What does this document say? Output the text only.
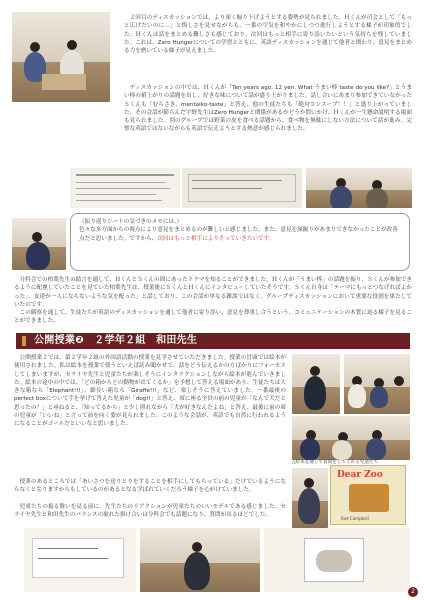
２回目のディスカッションでは、より深く掘り下げようとする姿勢が見られました。Ｈくんが司会として「もっと広げたいのに…」と悔しさを見せながらも、一番の空気を和やかにしつつ進行しようとする様子が印象的でした。Ｈくんは話をまとめる難しさも感じており、次回はもっと相手に寄り添いたいという気持ちを残していました。これは、Zero Hungerについての学習とともに、英語ディスカッションを通じて他者と関わり、意見をまとめる力を磨いている様子が見えました。

ディスカッションの中では、Ｈくんが「Ten years ago, 12 yen. What うまい棒 taste do you like?」とうまい棒の値上がりの話題を出し、好きな味について話が盛り上がりました。話し合いにあまり参加できていなかったＳくんも「むらさき、mentaiko-taste」と答え、他の生徒たちも「絶対コンスープ！！」と盛り上がっていました。その会話が膨らんだ宇野先生はZero Hungerと関係があるかどうか問いかけ、Ｈくんが一生懸命説明する場面も見られました。別のグループでは野菜の皮を食べる話題から、食べ物を無駄にしない方法について話が進み、完璧な英語ではないながらも英語で伝えようとする熱意が感じられました。

（振り返りシートの気づきのメモには、）
色々な多方面からの視点により意見をまとめるのが難しいと感じました。また、意見を深掘りがあまりできなかったことが改善点だと思いました。ですから、次回はもっと相手によりそっていきたいです。

分科会での柏葉先生の助言を通して、ＨくんとＳくんの間にあったドラマを知ることができました。Ｈくんが「うまい棒」の話題を振り、Ｓくんが参加できるように配慮していたことを見ていた柏葉先生は、授業後にＳくんとＨくんにインタビューしていたそうです。Ｓくん自身は「テーマにもっとつなげればよかった」、友達が一人にならないような気を配った」と話しており、この会話が単なる雑談ではなく、グループディスカッションにおいて重要な役割を果たしていたのです。

この観察を通して、生徒たちが英語のディスカッションを通して他者に寄り添い、意見を尊重し合うという、コミュニケーションの本質に迫る様子を見ることができました。

公開授業❷　２学年２組　和田先生

公開授業２では、第２学年２組の外国語活動の授業を見学させていただきました。授業の冒頭では絵本が使用されました。私は絵本を授業で使うといえば読み聞かせで、話をどう伝えるかの方ばかりにフォーカスしてしまいますが、セライヤ先生と児童たちが楽しそうにインタラクションしながら絵本が進んでいきました。絵本の途中の中では、「どの箱からどの動物が出てくるか」を予想して答える場面があり、生徒たちは大きな箱なら「Elephant!!!」、細長い箱なら「Giraffe!!!」など、楽しそうに答えていました。一番最後のperfect boxについて手を挙げて答えた児童が「dog!!」と答え、席に座る全員の前の児童が「なんで犬だと思ったの？」と尋ねると、「知ってるから」と少し照れながら「犬が好きなんだよね」と答え、最後に前の席の児童が「いいね」と言って前を向く姿が見られました。このような会話が、英語でも自然に行われるようになることがゴールだといいなと思いました。

授業のあるところでは「あいさつを送りとりをすることを相手にしてもらっている」だけでいるようにならなくとなりますからもしているのがあるとなる学ばれていくだろう様子を心がけていました。

児童たちの振る舞いを見る前に、先生たちのリアクションが児童たちのいいモデルである感じました。セライヤ先生と和田先生のバランスの取れた掛け合いは分科会でも話題になり、質問が出るほどでした。

△絵本を通して質問をしてくれる児童たち
Dear Zoo
Rod Campbell
2
